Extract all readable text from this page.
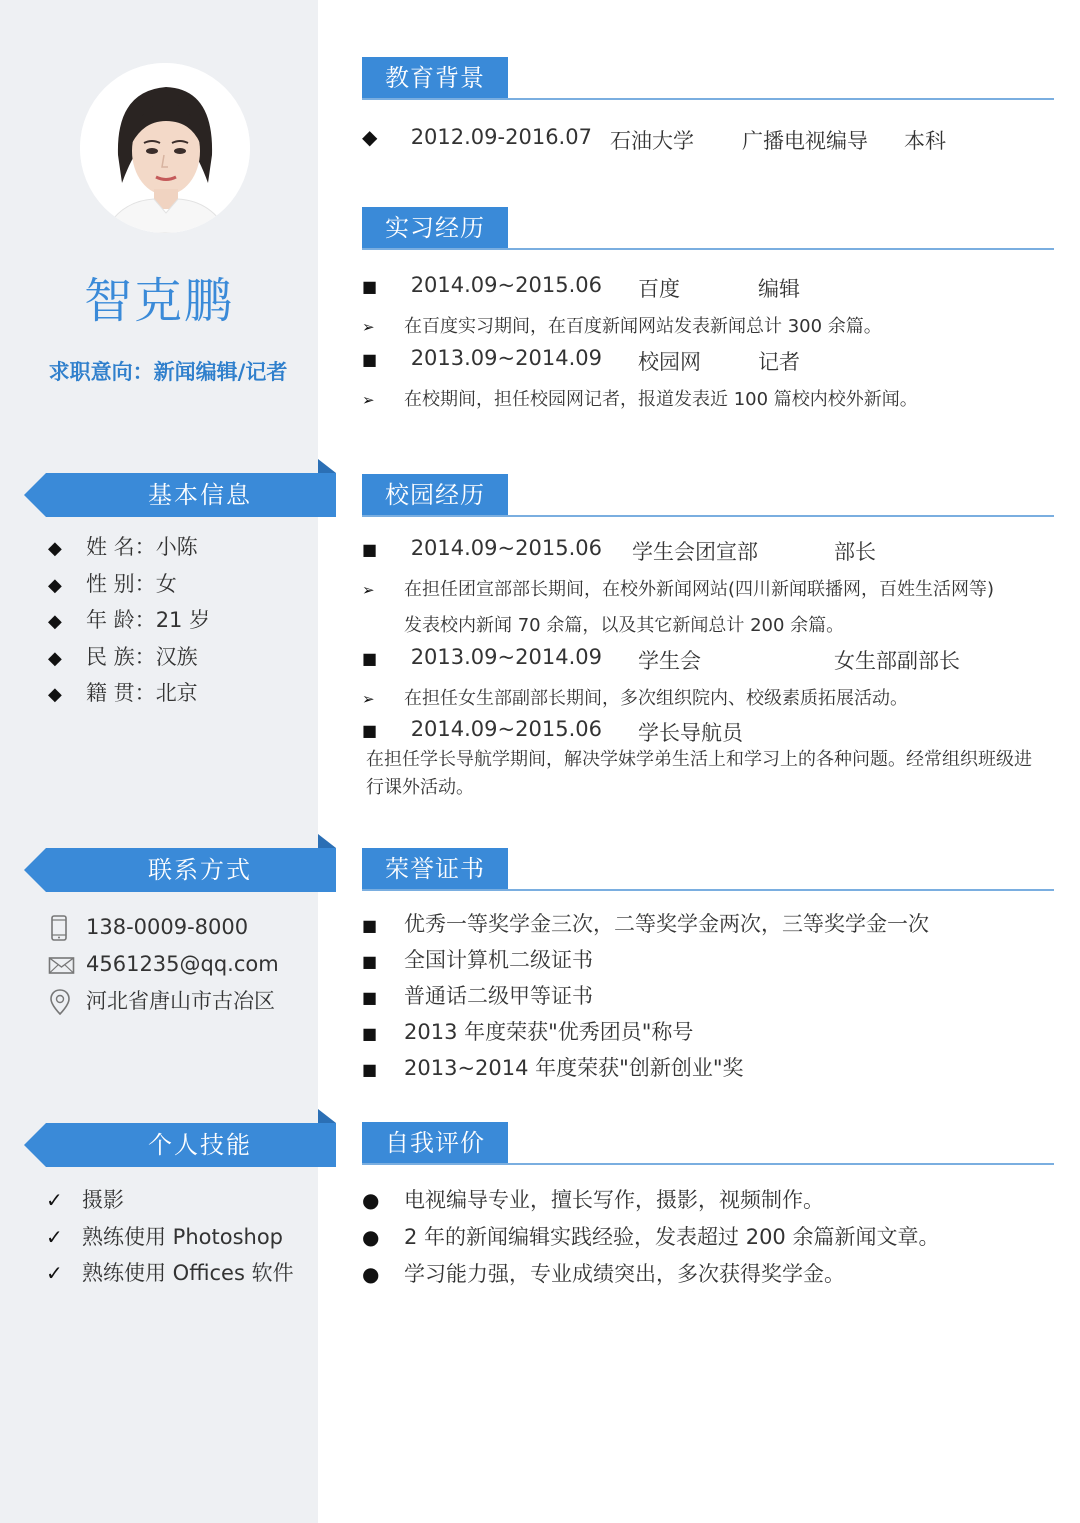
智克鹏
求职意向：新闻编辑/记者
基本信息
◆ 姓 名：小陈
◆ 性 别：女
◆ 年 龄：21 岁
◆ 民 族：汉族
◆ 籍 贯：北京
联系方式
138-0009-8000
4561235@qq.com
河北省唐山市古冶区
个人技能
✓ 摄影
✓ 熟练使用 Photoshop
✓ 熟练使用 Offices 软件
教育背景
◆ 2012.09-2016.07 石油大学 广播电视编导 本科
实习经历
■ 2014.09~2015.06 百度	编辑
➢ 在百度实习期间，在百度新闻网站发表新闻总计 300 余篇。
■ 2013.09~2014.09 校园网	记者
➢ 在校期间，担任校园网记者，报道发表近 100 篇校内校外新闻。
校园经历
■ 2014.09~2015.06 学生会团宣部	部长
➢ 在担任团宣部部长期间，在校外新闻网站(四川新闻联播网，百姓生活网等)
发表校内新闻 70 余篇，以及其它新闻总计 200 余篇。
■ 2013.09~2014.09 学生会	女生部副部长
➢ 在担任女生部副部长期间，多次组织院内、校级素质拓展活动。
■ 2014.09~2015.06 学长导航员
在担任学长导航学期间，解决学妹学弟生活上和学习上的各种问题。经常组织班级进行课外活动。
荣誉证书
■ 优秀一等奖学金三次，二等奖学金两次，三等奖学金一次
■ 全国计算机二级证书
■ 普通话二级甲等证书
■ 2013 年度荣获"优秀团员"称号
■ 2013~2014 年度荣获"创新创业"奖
自我评价
● 电视编导专业，擅长写作，摄影，视频制作。
● 2 年的新闻编辑实践经验，发表超过 200 余篇新闻文章。
● 学习能力强，专业成绩突出，多次获得奖学金。
